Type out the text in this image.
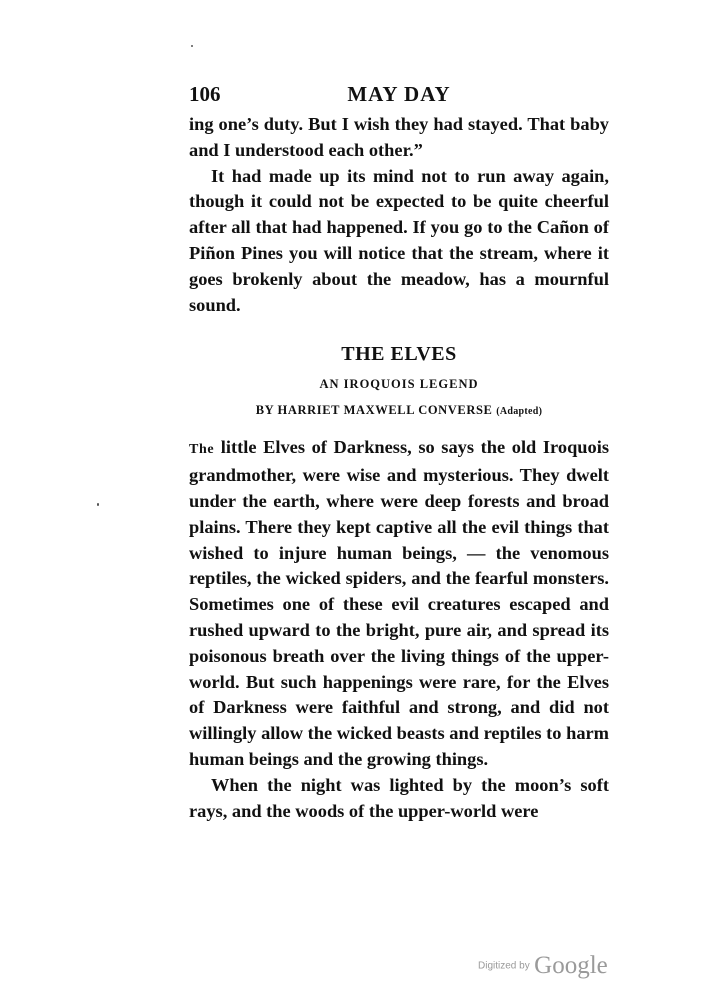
106	MAY DAY

ing one’s duty. But I wish they had stayed. That baby and I understood each other.”

It had made up its mind not to run away again, though it could not be expected to be quite cheerful after all that had happened. If you go to the Cañon of Piñon Pines you will notice that the stream, where it goes brokenly about the meadow, has a mournful sound.

THE ELVES
AN IROQUOIS LEGEND
BY HARRIET MAXWELL CONVERSE (Adapted)

The little Elves of Darkness, so says the old Iroquois grandmother, were wise and mysterious. They dwelt under the earth, where were deep forests and broad plains. There they kept captive all the evil things that wished to injure human beings, — the venomous reptiles, the wicked spiders, and the fearful monsters. Sometimes one of these evil creatures escaped and rushed upward to the bright, pure air, and spread its poisonous breath over the living things of the upper-world. But such happenings were rare, for the Elves of Darkness were faithful and strong, and did not willingly allow the wicked beasts and reptiles to harm human beings and the growing things.

When the night was lighted by the moon’s soft rays, and the woods of the upper-world were

Digitized by Google
